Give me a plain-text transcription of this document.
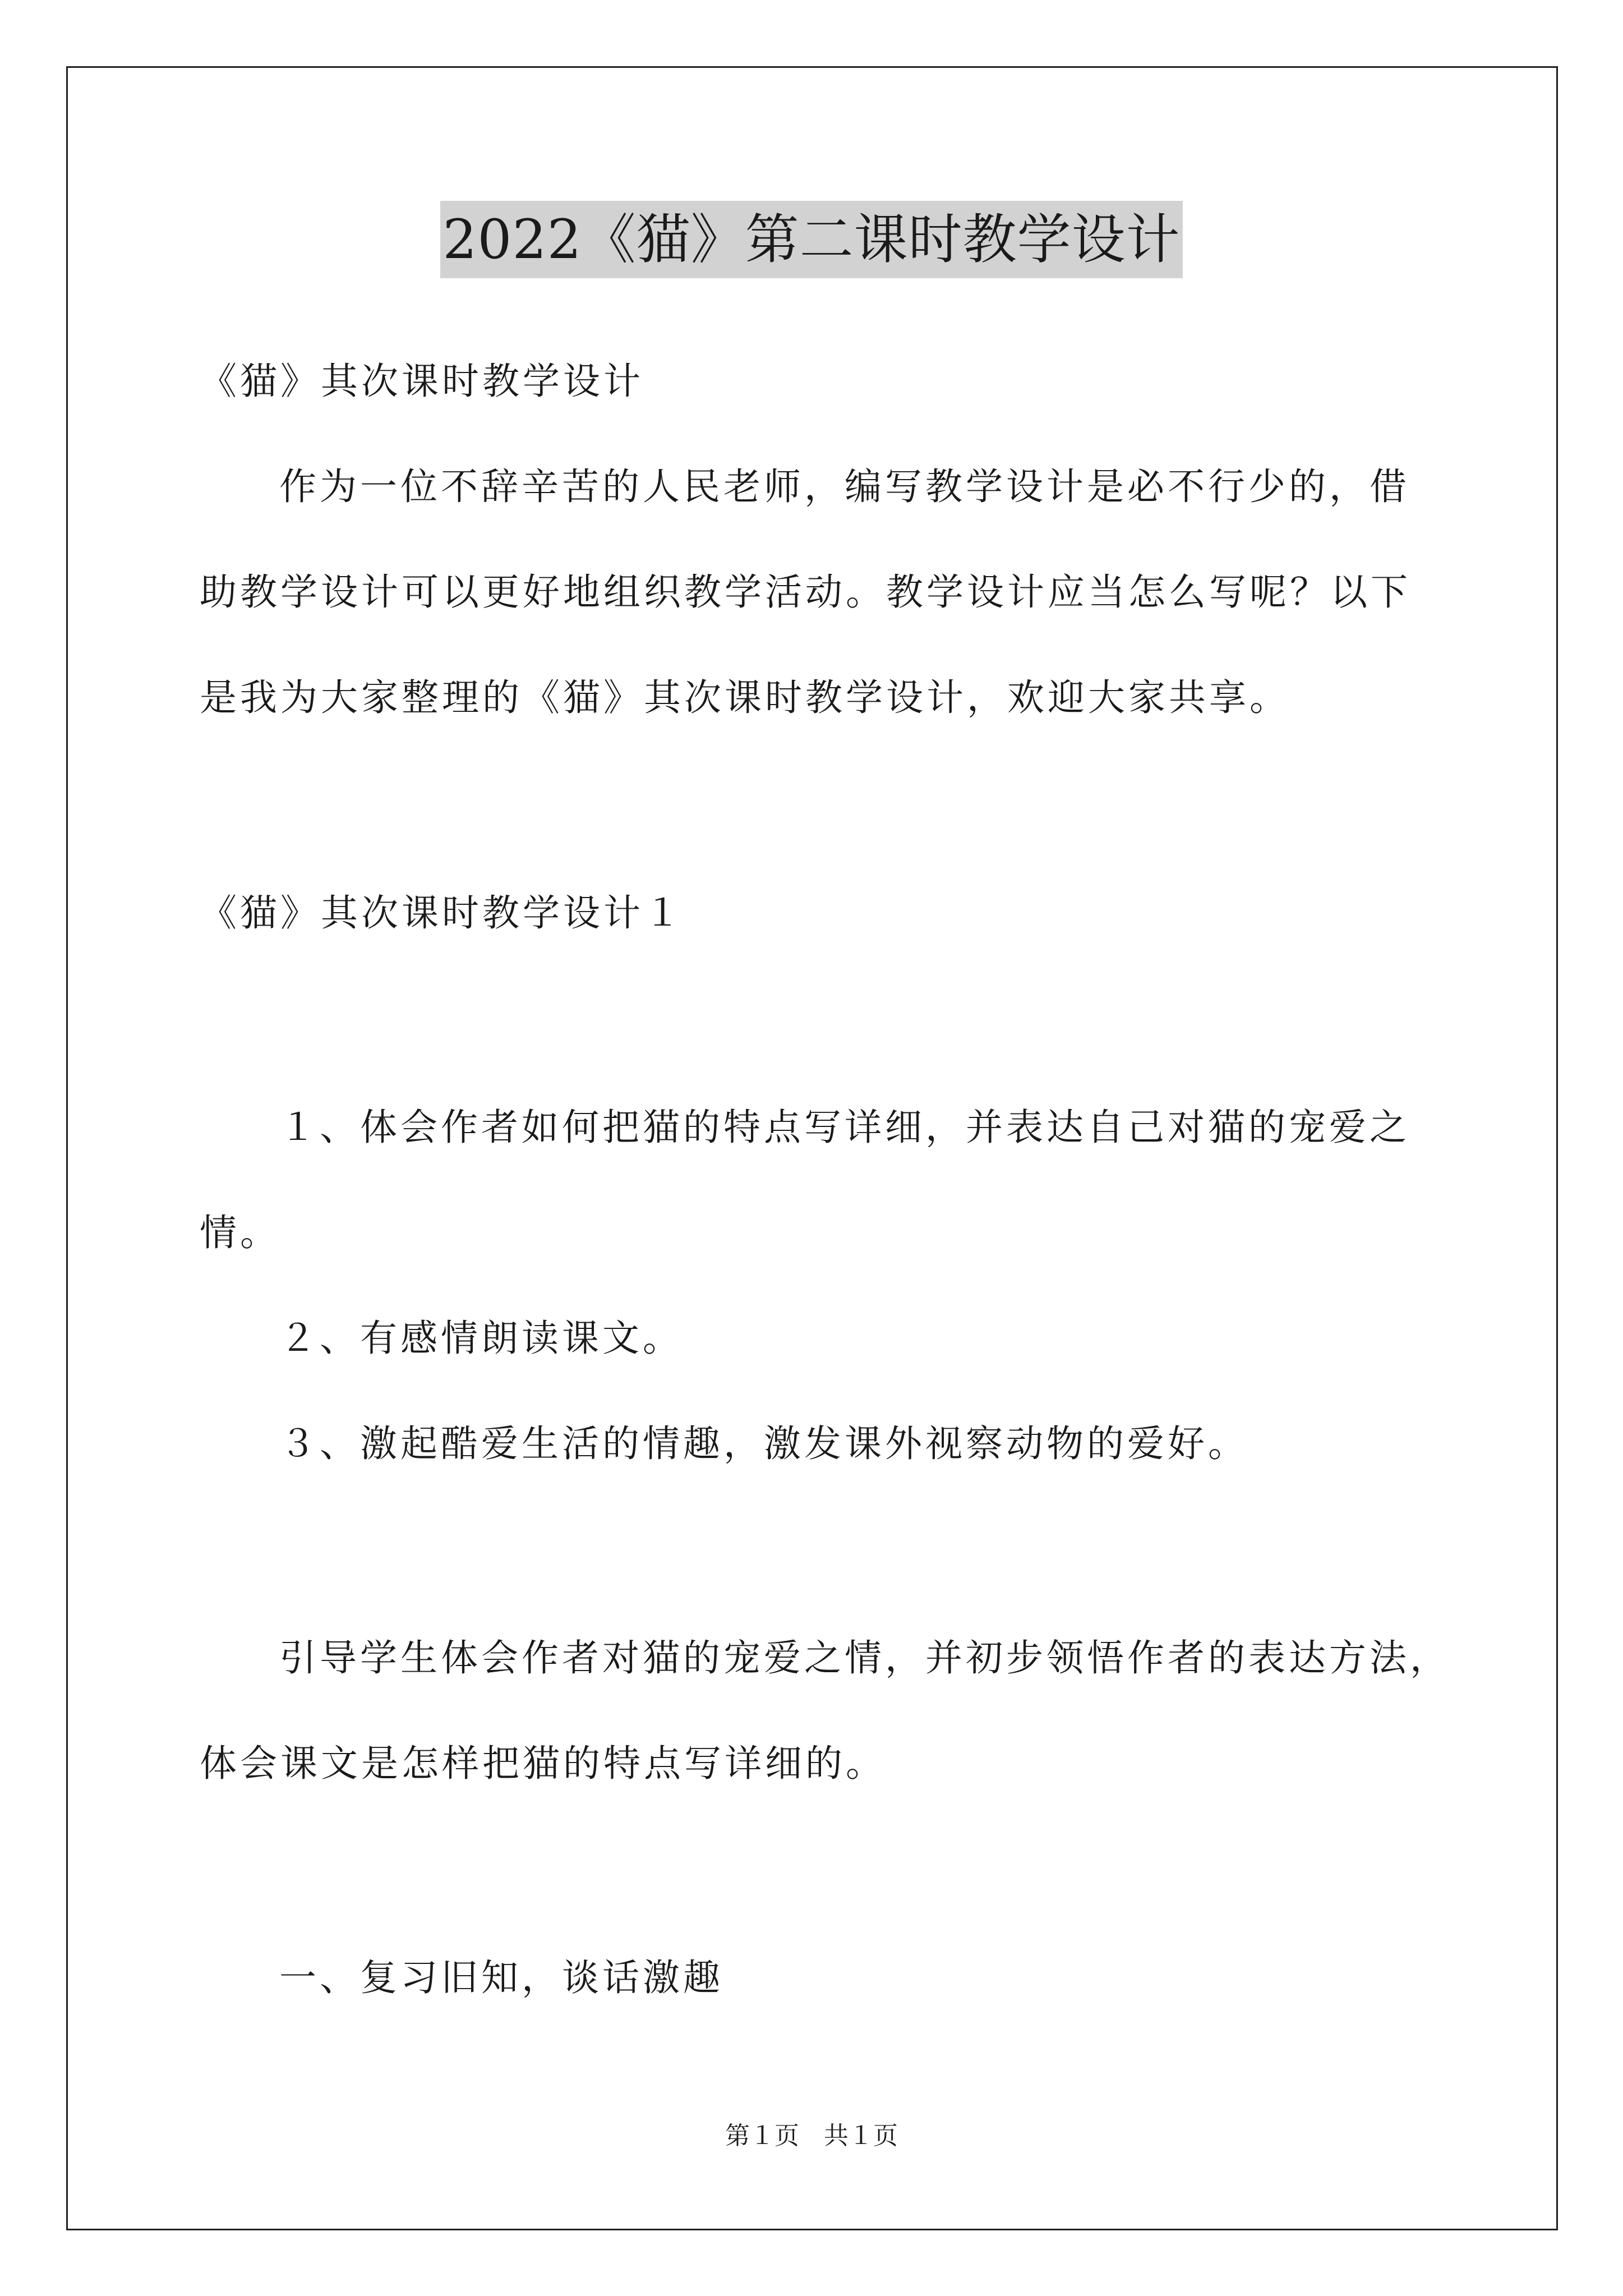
2022《猫》第二课时教学设计
《猫》其次课时教学设计
作为一位不辞辛苦的人民老师，编写教学设计是必不行少的，借
助教学设计可以更好地组织教学活动。教学设计应当怎么写呢？以下
是我为大家整理的《猫》其次课时教学设计，欢迎大家共享。
《猫》其次课时教学设计１
１、体会作者如何把猫的特点写详细，并表达自己对猫的宠爱之
情。
２、有感情朗读课文。
３、激起酷爱生活的情趣，激发课外视察动物的爱好。
引导学生体会作者对猫的宠爱之情，并初步领悟作者的表达方法，
体会课文是怎样把猫的特点写详细的。
一、复习旧知，谈话激趣
第１页　共１页
